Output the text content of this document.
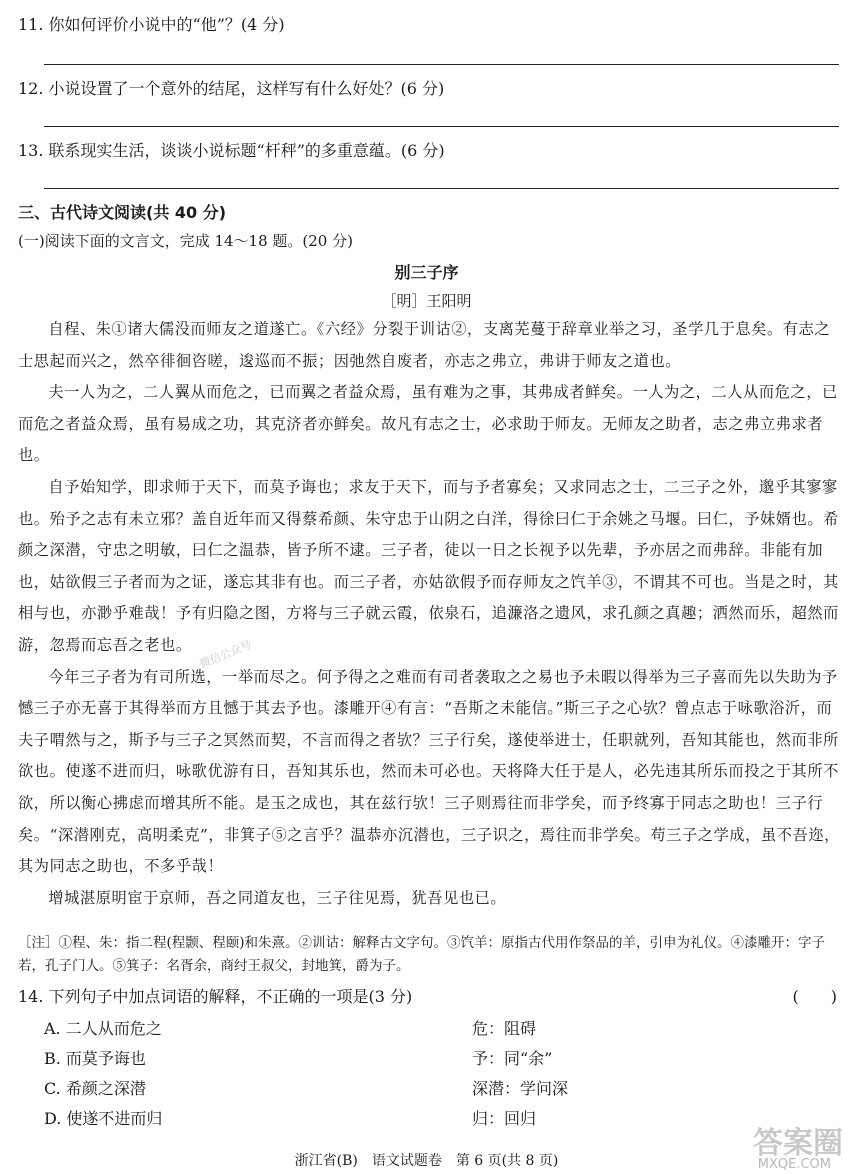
11. 你如何评价小说中的“他”？(4 分)
12. 小说设置了一个意外的结尾，这样写有什么好处？(6 分)
13. 联系现实生活，谈谈小说标题“杆秤”的多重意蕴。(6 分)
三、古代诗文阅读(共 40 分)
(一)阅读下面的文言文，完成 14～18 题。(20 分)
别三子序
［明］王阳明

自程、朱①诸大儒没而师友之道遂亡。《六经》分裂于训诂②，支离芜蔓于辞章业举之习，圣学几于息矣。有志之士思起而兴之，然卒徘徊咨嗟，逡巡而不振；因弛然自废者，亦志之弗立，弗讲于师友之道也。

夫一人为之，二人翼从而危之，已而翼之者益众焉，虽有难为之事，其弗成者鲜矣。一人为之，二人从而危之，已而危之者益众焉，虽有易成之功，其克济者亦鲜矣。故凡有志之士，必求助于师友。无师友之助者，志之弗立弗求者也。

自予始知学，即求师于天下，而莫予诲也；求友于天下，而与予者寡矣；又求同志之士，二三子之外，邈乎其寥寥也。殆予之志有未立邪？盖自近年而又得蔡希颜、朱守忠于山阴之白洋，得徐曰仁于余姚之马堰。曰仁，予妹婿也。希颜之深潜，守忠之明敏，曰仁之温恭，皆予所不逮。三子者，徒以一日之长视予以先辈，予亦居之而弗辞。非能有加也，姑欲假三子者而为之证，遂忘其非有也。而三子者，亦姑欲假予而存师友之饩羊③，不谓其不可也。当是之时，其相与也，亦渺乎难哉！予有归隐之图，方将与三子就云霞，依泉石，追濂洛之遗风，求孔颜之真趣；洒然而乐，超然而游，忽焉而忘吾之老也。

今年三子者为有司所选，一举而尽之。何予得之之难而有司者袭取之之易也予未暇以得举为三子喜而先以失助为予憾三子亦无喜于其得举而方且憾于其去予也。漆雕开④有言：“吾斯之未能信。”斯三子之心欤？曾点志于咏歌浴沂，而夫子喟然与之，斯予与三子之冥然而契，不言而得之者欤？三子行矣，遂使举进士，任职就列，吾知其能也，然而非所欲也。使遂不进而归，咏歌优游有日，吾知其乐也，然而未可必也。天将降大任于是人，必先违其所乐而投之于其所不欲，所以衡心拂虑而增其所不能。是玉之成也，其在兹行欤！三子则焉往而非学矣，而予终寡于同志之助也！三子行矣。“深潜刚克，高明柔克”，非箕子⑤之言乎？温恭亦沉潜也，三子识之，焉往而非学矣。苟三子之学成，虽不吾迩，其为同志之助也，不多乎哉！

增城湛原明宦于京师，吾之同道友也，三子往见焉，犹吾见也已。

微信公众号
［注］①程、朱：指二程(程颢、程颐)和朱熹。②训诂：解释古文字句。③饩羊：原指古代用作祭品的羊，引申为礼仪。④漆雕开：字子若，孔子门人。⑤箕子：名胥余，商纣王叔父，封地箕，爵为子。
14. 下列句子中加点词语的解释，不正确的一项是(3 分)	(　　)
A. 二人从而危之	危：阻碍
B. 而莫予诲也	予：同“余”
C. 希颜之深潜	深潜：学问深
D. 使遂不进而归	归：回归
浙江省(B)　语文试题卷　第 6 页(共 8 页)	答案圈
MXQE.COM
